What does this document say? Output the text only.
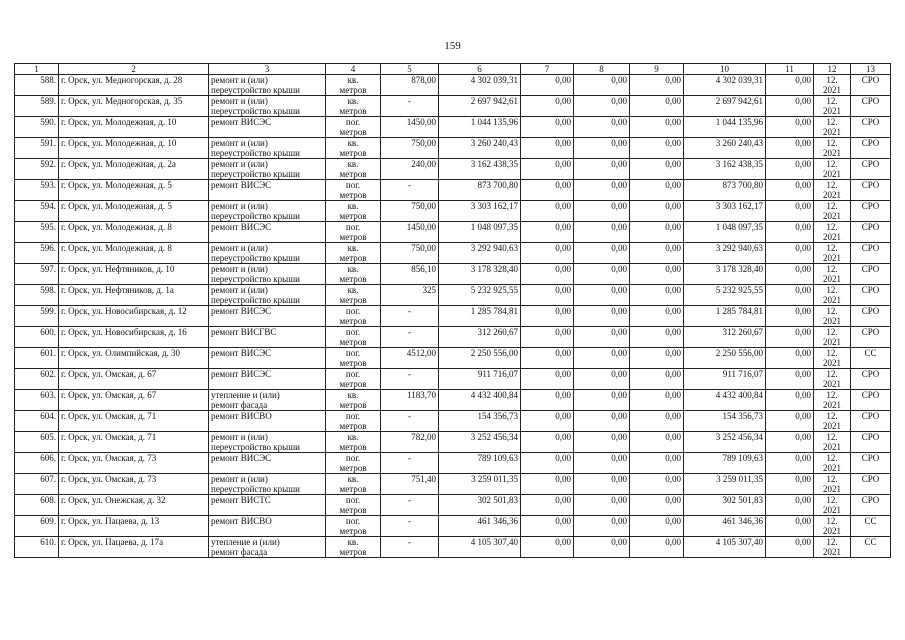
159
1	2	3	4	5	6	7	8	9	10	11	12	13
588.	г. Орск, ул. Медногорская, д. 28	ремонт и (или)
переустройство крыши	кв.
метров	878,00	4 302 039,31	0,00	0,00	0,00	4 302 039,31	0,00	12.
2021	СРО
589.	г. Орск, ул. Медногорская, д. 35	ремонт и (или)
переустройство крыши	кв.
метров	-	2 697 942,61	0,00	0,00	0,00	2 697 942,61	0,00	12.
2021	СРО
590.	г. Орск, ул. Молодежная, д. 10	ремонт ВИСЭС	пог.
метров	1450,00	1 044 135,96	0,00	0,00	0,00	1 044 135,96	0,00	12.
2021	СРО
591.	г. Орск, ул. Молодежная, д. 10	ремонт и (или)
переустройство крыши	кв.
метров	750,00	3 260 240,43	0,00	0,00	0,00	3 260 240,43	0,00	12.
2021	СРО
592.	г. Орск, ул. Молодежная, д. 2а	ремонт и (или)
переустройство крыши	кв.
метров	240,00	3 162 438,35	0,00	0,00	0,00	3 162 438,35	0,00	12.
2021	СРО
593.	г. Орск, ул. Молодежная, д. 5	ремонт ВИСЭС	пог.
метров	-	873 700,80	0,00	0,00	0,00	873 700,80	0,00	12.
2021	СРО
594.	г. Орск, ул. Молодежная, д. 5	ремонт и (или)
переустройство крыши	кв.
метров	750,00	3 303 162,17	0,00	0,00	0,00	3 303 162,17	0,00	12.
2021	СРО
595.	г. Орск, ул. Молодежная, д. 8	ремонт ВИСЭС	пог.
метров	1450,00	1 048 097,35	0,00	0,00	0,00	1 048 097,35	0,00	12.
2021	СРО
596.	г. Орск, ул. Молодежная, д. 8	ремонт и (или)
переустройство крыши	кв.
метров	750,00	3 292 940,63	0,00	0,00	0,00	3 292 940,63	0,00	12.
2021	СРО
597.	г. Орск, ул. Нефтяников, д. 10	ремонт и (или)
переустройство крыши	кв.
метров	856,10	3 178 328,40	0,00	0,00	0,00	3 178 328,40	0,00	12.
2021	СРО
598.	г. Орск, ул. Нефтяников, д. 1а	ремонт и (или)
переустройство крыши	кв.
метров	325	5 232 925,55	0,00	0,00	0,00	5 232 925,55	0,00	12.
2021	СРО
599.	г. Орск, ул. Новосибирская, д. 12	ремонт ВИСЭС	пог.
метров	-	1 285 784,81	0,00	0,00	0,00	1 285 784,81	0,00	12.
2021	СРО
600.	г. Орск, ул. Новосибирская, д. 16	ремонт ВИСГВС	пог.
метров	-	312 260,67	0,00	0,00	0,00	312 260,67	0,00	12.
2021	СРО
601.	г. Орск, ул. Олимпийская, д. 30	ремонт ВИСЭС	пог.
метров	4512,00	2 250 556,00	0,00	0,00	0,00	2 250 556,00	0,00	12.
2021	СС
602.	г. Орск, ул. Омская, д. 67	ремонт ВИСЭС	пог.
метров	-	911 716,07	0,00	0,00	0,00	911 716,07	0,00	12.
2021	СРО
603.	г. Орск, ул. Омская, д. 67	утепление и (или)
ремонт фасада	кв.
метров	1183,70	4 432 400,84	0,00	0,00	0,00	4 432 400,84	0,00	12.
2021	СРО
604.	г. Орск, ул. Омская, д. 71	ремонт ВИСВО	пог.
метров	-	154 356,73	0,00	0,00	0,00	154 356,73	0,00	12.
2021	СРО
605.	г. Орск, ул. Омская, д. 71	ремонт и (или)
переустройство крыши	кв.
метров	782,00	3 252 456,34	0,00	0,00	0,00	3 252 456,34	0,00	12.
2021	СРО
606.	г. Орск, ул. Омская, д. 73	ремонт ВИСЭС	пог.
метров	-	789 109,63	0,00	0,00	0,00	789 109,63	0,00	12.
2021	СРО
607.	г. Орск, ул. Омская, д. 73	ремонт и (или)
переустройство крыши	кв.
метров	751,40	3 259 011,35	0,00	0,00	0,00	3 259 011,35	0,00	12.
2021	СРО
608.	г. Орск, ул. Онежская, д. 32	ремонт ВИСТС	пог.
метров	-	302 501,83	0,00	0,00	0,00	302 501,83	0,00	12.
2021	СРО
609.	г. Орск, ул. Пацаева, д. 13	ремонт ВИСВО	пог.
метров	-	461 346,36	0,00	0,00	0,00	461 346,36	0,00	12.
2021	СС
610.	г. Орск, ул. Пацаева, д. 17а	утепление и (или)
ремонт фасада	кв.
метров	-	4 105 307,40	0,00	0,00	0,00	4 105 307,40	0,00	12.
2021	СС
